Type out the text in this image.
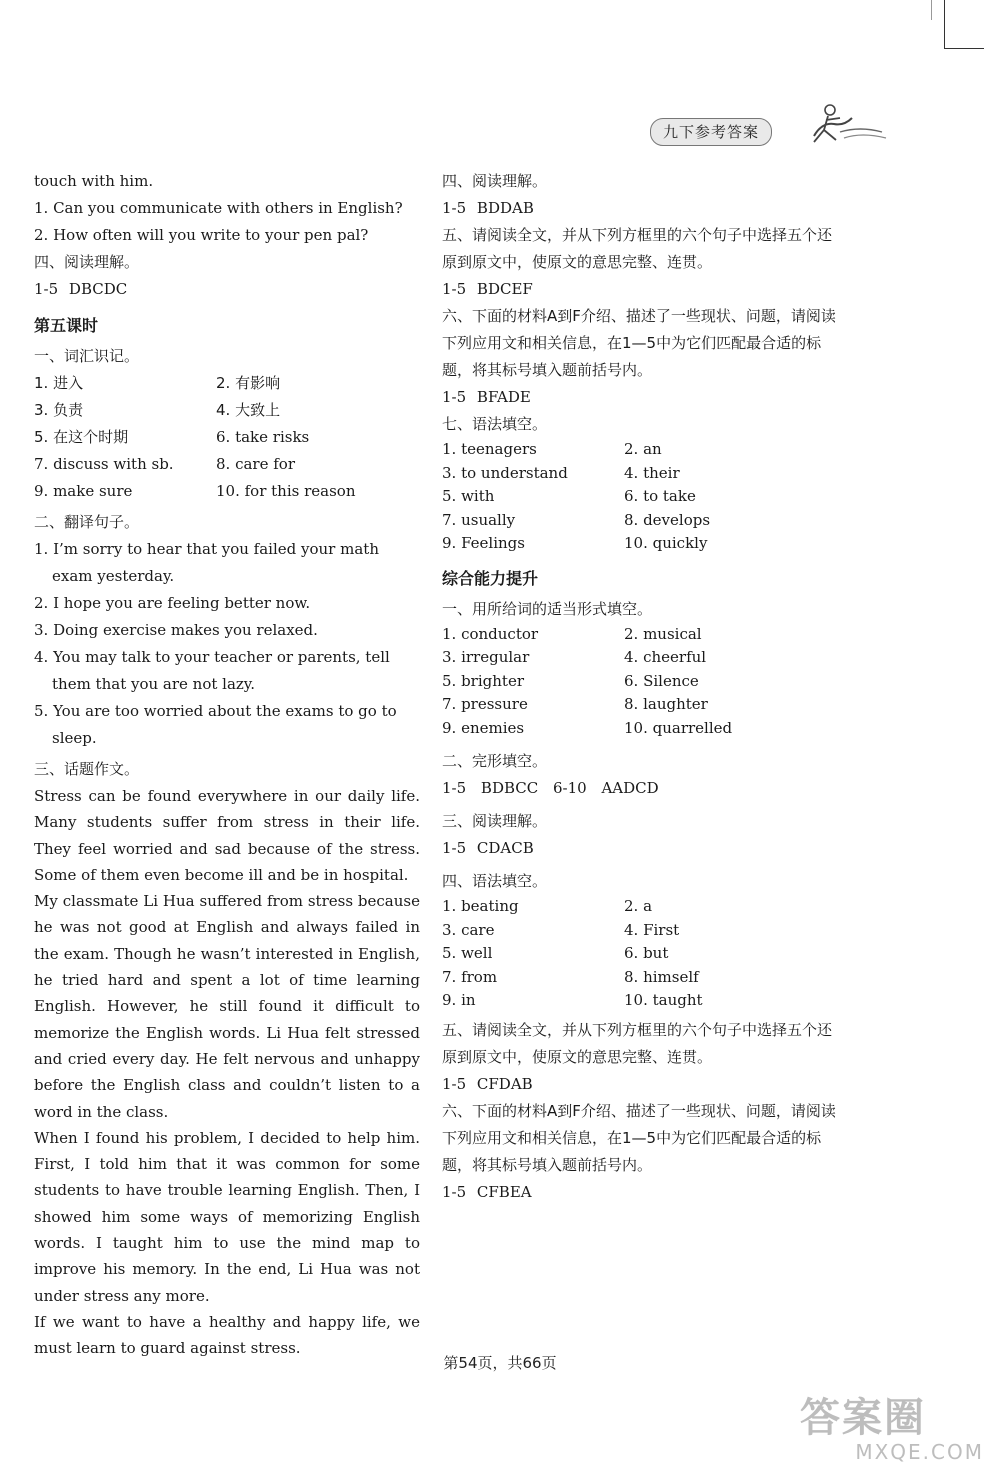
九下参考答案
touch with him.
1. Can you communicate with others in English?
2. How often will you write to your pen pal?
四、阅读理解。
1-5 DBCDC
第五课时
一、词汇识记。
1. 进入	2. 有影响
3. 负责	4. 大致上
5. 在这个时期	6. take risks
7. discuss with sb.	8. care for
9. make sure	10. for this reason
二、翻译句子。
1. I’m sorry to hear that you failed your math exam yesterday.
2. I hope you are feeling better now.
3. Doing exercise makes you relaxed.
4. You may talk to your teacher or parents, tell them that you are not lazy.
5. You are too worried about the exams to go to sleep.
三、话题作文。

Stress can be found everywhere in our daily life. Many students suffer from stress in their life. They feel worried and sad because of the stress. Some of them even become ill and be in hospital.

My classmate Li Hua suffered from stress because he was not good at English and always failed in the exam. Though he wasn’t interested in English, he tried hard and spent a lot of time learning English. However, he still found it difficult to memorize the English words. Li Hua felt stressed and cried every day. He felt nervous and unhappy before the English class and couldn’t listen to a word in the class.

When I found his problem, I decided to help him. First, I told him that it was common for some students to have trouble learning English. Then, I showed him some ways of memorizing English words. I taught him to use the mind map to improve his memory. In the end, Li Hua was not under stress any more.

If we want to have a healthy and happy life, we must learn to guard against stress.

四、阅读理解。
1-5 BDDAB
五、请阅读全文，并从下列方框里的六个句子中选择五个还原到原文中，使原文的意思完整、连贯。
1-5 BDCEF
六、下面的材料A到F介绍、描述了一些现状、问题，请阅读下列应用文和相关信息，在1—5中为它们匹配最合适的标题，将其标号填入题前括号内。
1-5 BFADE
七、语法填空。
1. teenagers	2. an
3. to understand	4. their
5. with	6. to take
7. usually	8. develops
9. Feelings	10. quickly
综合能力提升
一、用所给词的适当形式填空。
1. conductor	2. musical
3. irregular	4. cheerful
5. brighter	6. Silence
7. pressure	8. laughter
9. enemies	10. quarrelled
二、完形填空。
1-5 BDBCC 6-10 AADCD
三、阅读理解。
1-5 CDACB
四、语法填空。
1. beating	2. a
3. care	4. First
5. well	6. but
7. from	8. himself
9. in	10. taught
五、请阅读全文，并从下列方框里的六个句子中选择五个还原到原文中，使原文的意思完整、连贯。
1-5 CFDAB
六、下面的材料A到F介绍、描述了一些现状、问题，请阅读下列应用文和相关信息，在1—5中为它们匹配最合适的标题，将其标号填入题前括号内。
1-5 CFBEA
第54页，共66页
答案圈
MXQE.COM
